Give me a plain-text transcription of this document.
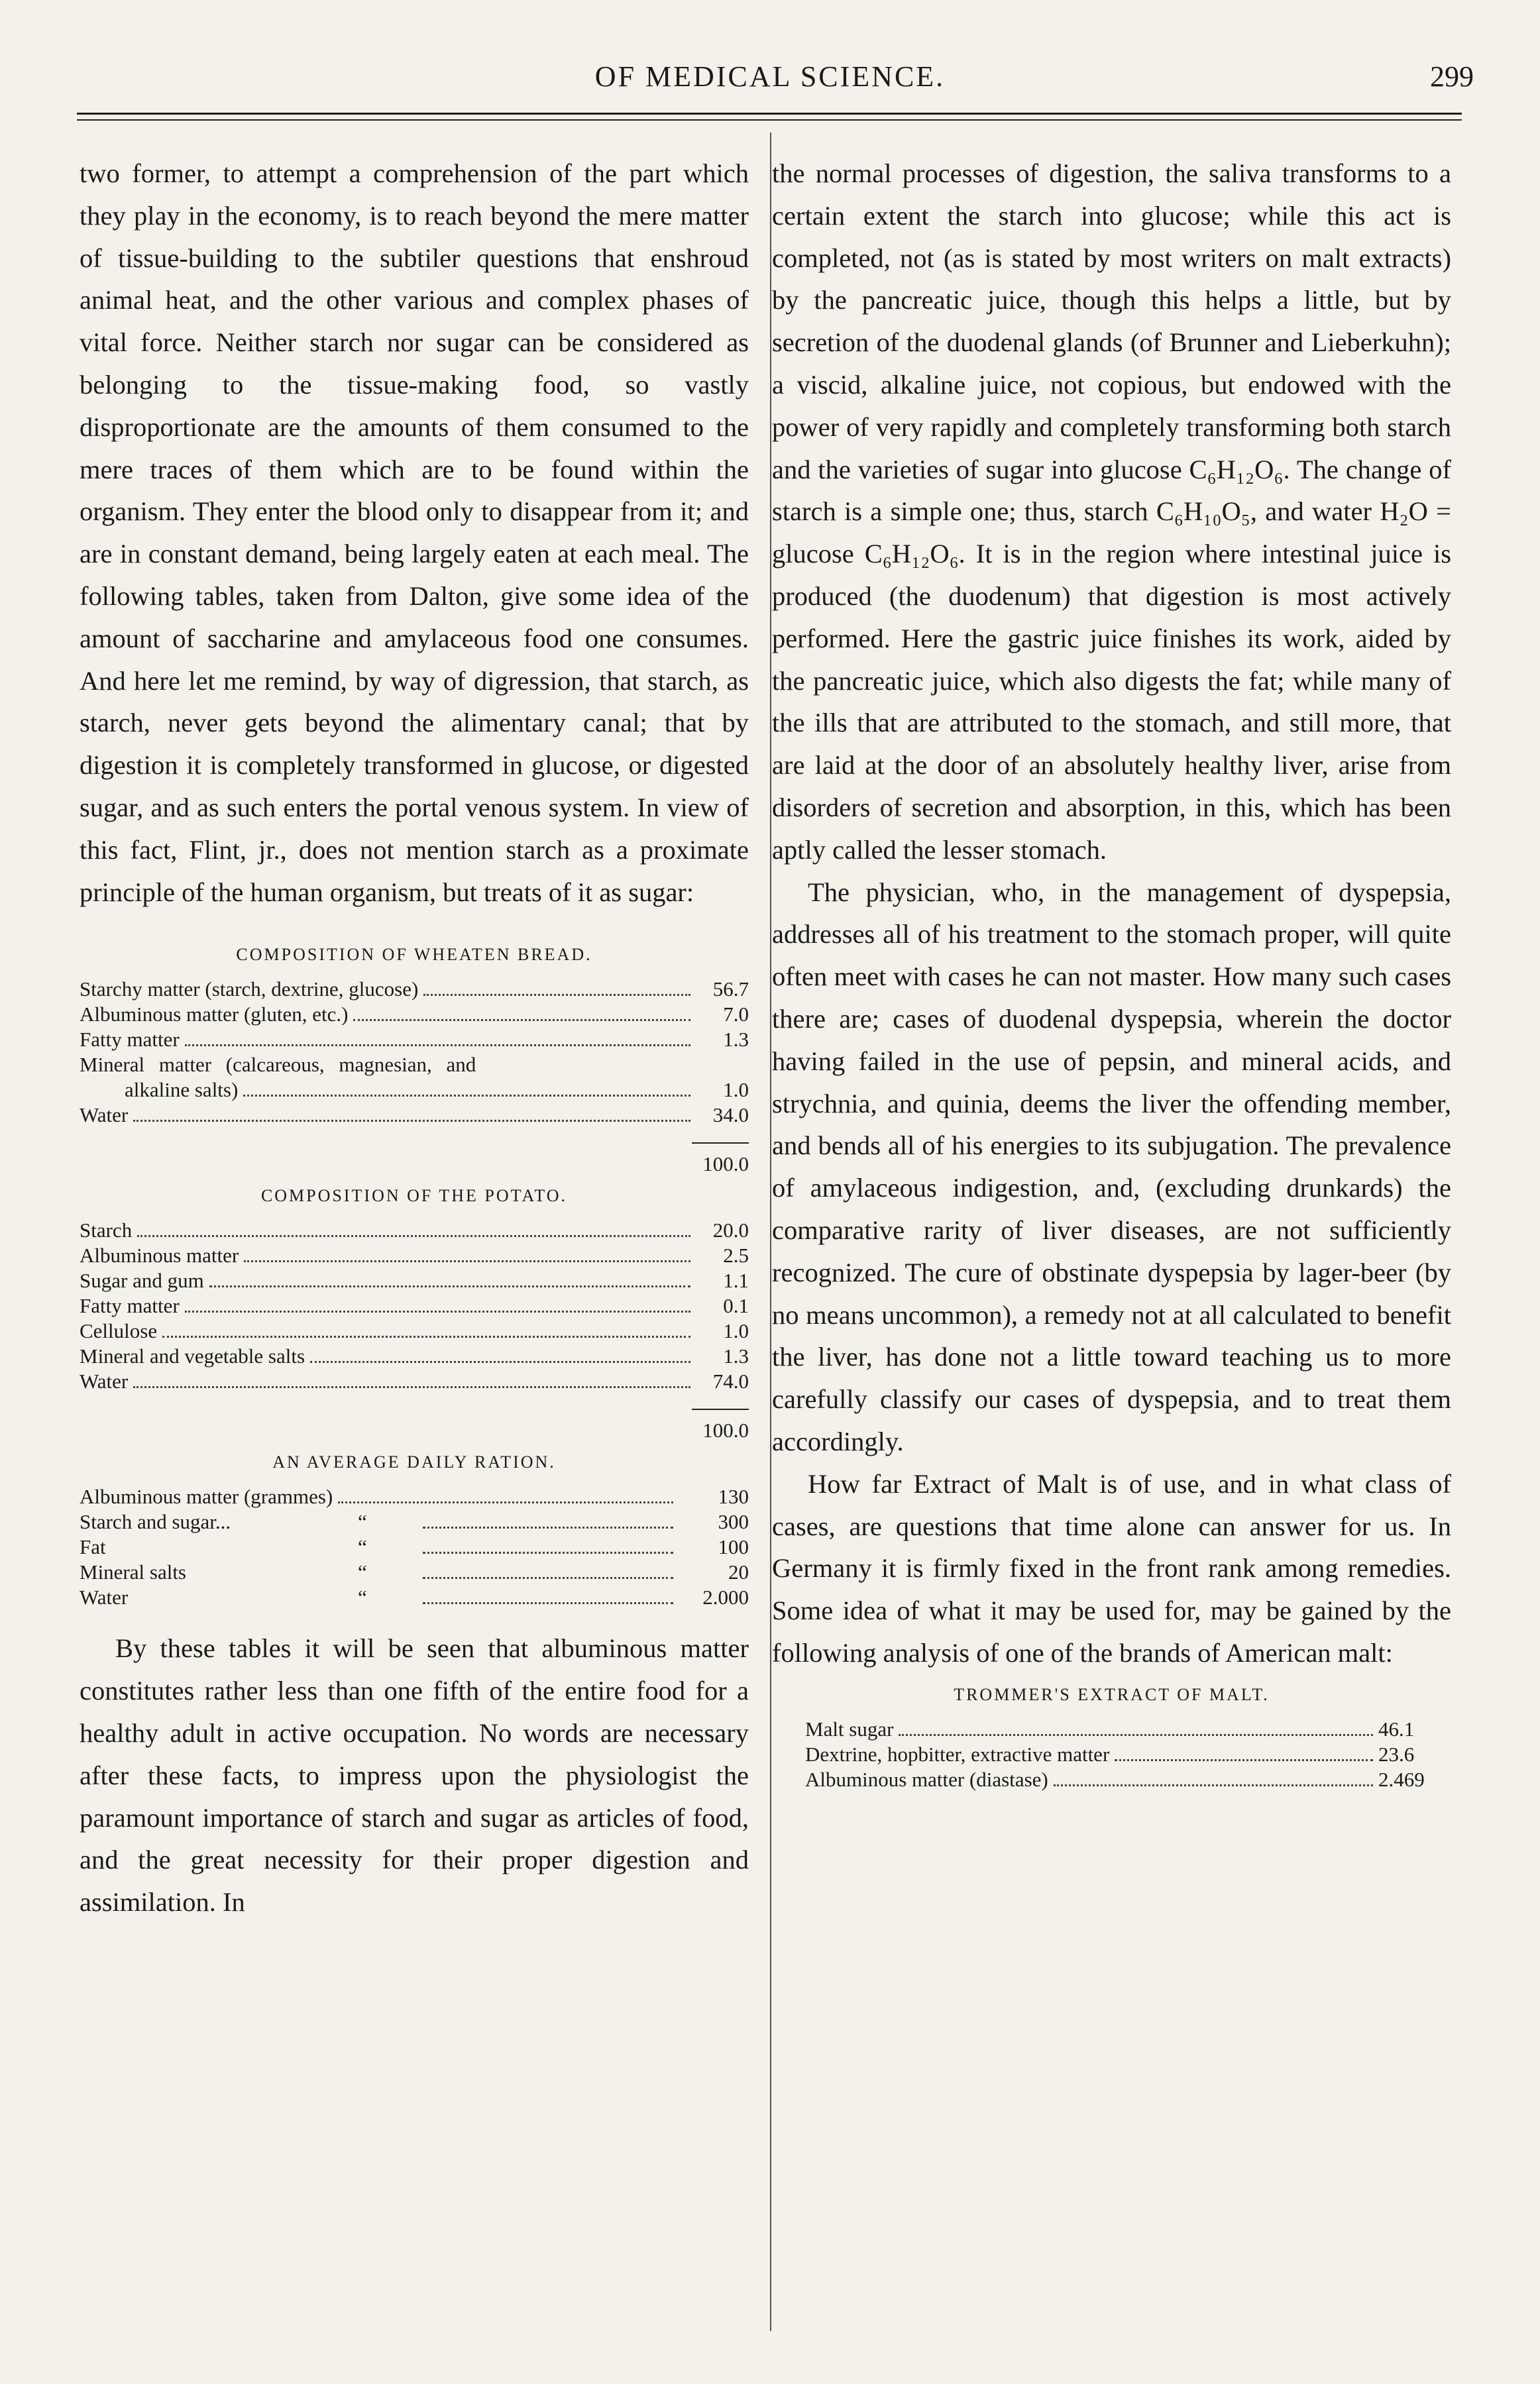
OF MEDICAL SCIENCE.	299

two former, to attempt a comprehension of the part which they play in the economy, is to reach beyond the mere matter of tissue-building to the subtiler questions that enshroud animal heat, and the other various and complex phases of vital force. Neither starch nor sugar can be considered as belonging to the tissue-making food, so vastly disproportionate are the amounts of them consumed to the mere traces of them which are to be found within the organism. They enter the blood only to disappear from it; and are in constant demand, being largely eaten at each meal. The following tables, taken from Dalton, give some idea of the amount of saccharine and amylaceous food one consumes. And here let me remind, by way of digression, that starch, as starch, never gets beyond the alimentary canal; that by digestion it is completely transformed in glucose, or digested sugar, and as such enters the portal venous system. In view of this fact, Flint, jr., does not mention starch as a proximate principle of the human organism, but treats of it as sugar:

COMPOSITION OF WHEATEN BREAD.
Starchy matter (starch, dextrine, glucose)	56.7
Albuminous matter (gluten, etc.)	7.0
Fatty matter	1.3
Mineral matter (calcareous, magnesian, and
alkaline salts)	1.0
Water	34.0
100.0
COMPOSITION OF THE POTATO.
Starch	20.0
Albuminous matter	2.5
Sugar and gum	1.1
Fatty matter	0.1
Cellulose	1.0
Mineral and vegetable salts	1.3
Water	74.0
100.0
AN AVERAGE DAILY RATION.
Albuminous matter (grammes)	130
Starch and sugar...	“	300
Fat	“	100
Mineral salts	“	20
Water	“	2.000

By these tables it will be seen that albuminous matter constitutes rather less than one fifth of the entire food for a healthy adult in active occupation. No words are necessary after these facts, to impress upon the physiologist the paramount importance of starch and sugar as articles of food, and the great necessity for their proper digestion and assimilation. In

the normal processes of digestion, the saliva transforms to a certain extent the starch into glucose; while this act is completed, not (as is stated by most writers on malt extracts) by the pancreatic juice, though this helps a little, but by secretion of the duodenal glands (of Brunner and Lieberkuhn); a viscid, alkaline juice, not copious, but endowed with the power of very rapidly and completely transforming both starch and the varieties of sugar into glucose C₆H₁₂O₆. The change of starch is a simple one; thus, starch C₆H₁₀O₅, and water H₂O = glucose C₆H₁₂O₆. It is in the region where intestinal juice is produced (the duodenum) that digestion is most actively performed. Here the gastric juice finishes its work, aided by the pancreatic juice, which also digests the fat; while many of the ills that are attributed to the stomach, and still more, that are laid at the door of an absolutely healthy liver, arise from disorders of secretion and absorption, in this, which has been aptly called the lesser stomach.

The physician, who, in the management of dyspepsia, addresses all of his treatment to the stomach proper, will quite often meet with cases he can not master. How many such cases there are; cases of duodenal dyspepsia, wherein the doctor having failed in the use of pepsin, and mineral acids, and strychnia, and quinia, deems the liver the offending member, and bends all of his energies to its subjugation. The prevalence of amylaceous indigestion, and, (excluding drunkards) the comparative rarity of liver diseases, are not sufficiently recognized. The cure of obstinate dyspepsia by lager-beer (by no means uncommon), a remedy not at all calculated to benefit the liver, has done not a little toward teaching us to more carefully classify our cases of dyspepsia, and to treat them accordingly.

How far Extract of Malt is of use, and in what class of cases, are questions that time alone can answer for us. In Germany it is firmly fixed in the front rank among remedies. Some idea of what it may be used for, may be gained by the following analysis of one of the brands of American malt:

TROMMER'S EXTRACT OF MALT.
Malt sugar	46.1
Dextrine, hopbitter, extractive matter	23.6
Albuminous matter (diastase)	2.469
